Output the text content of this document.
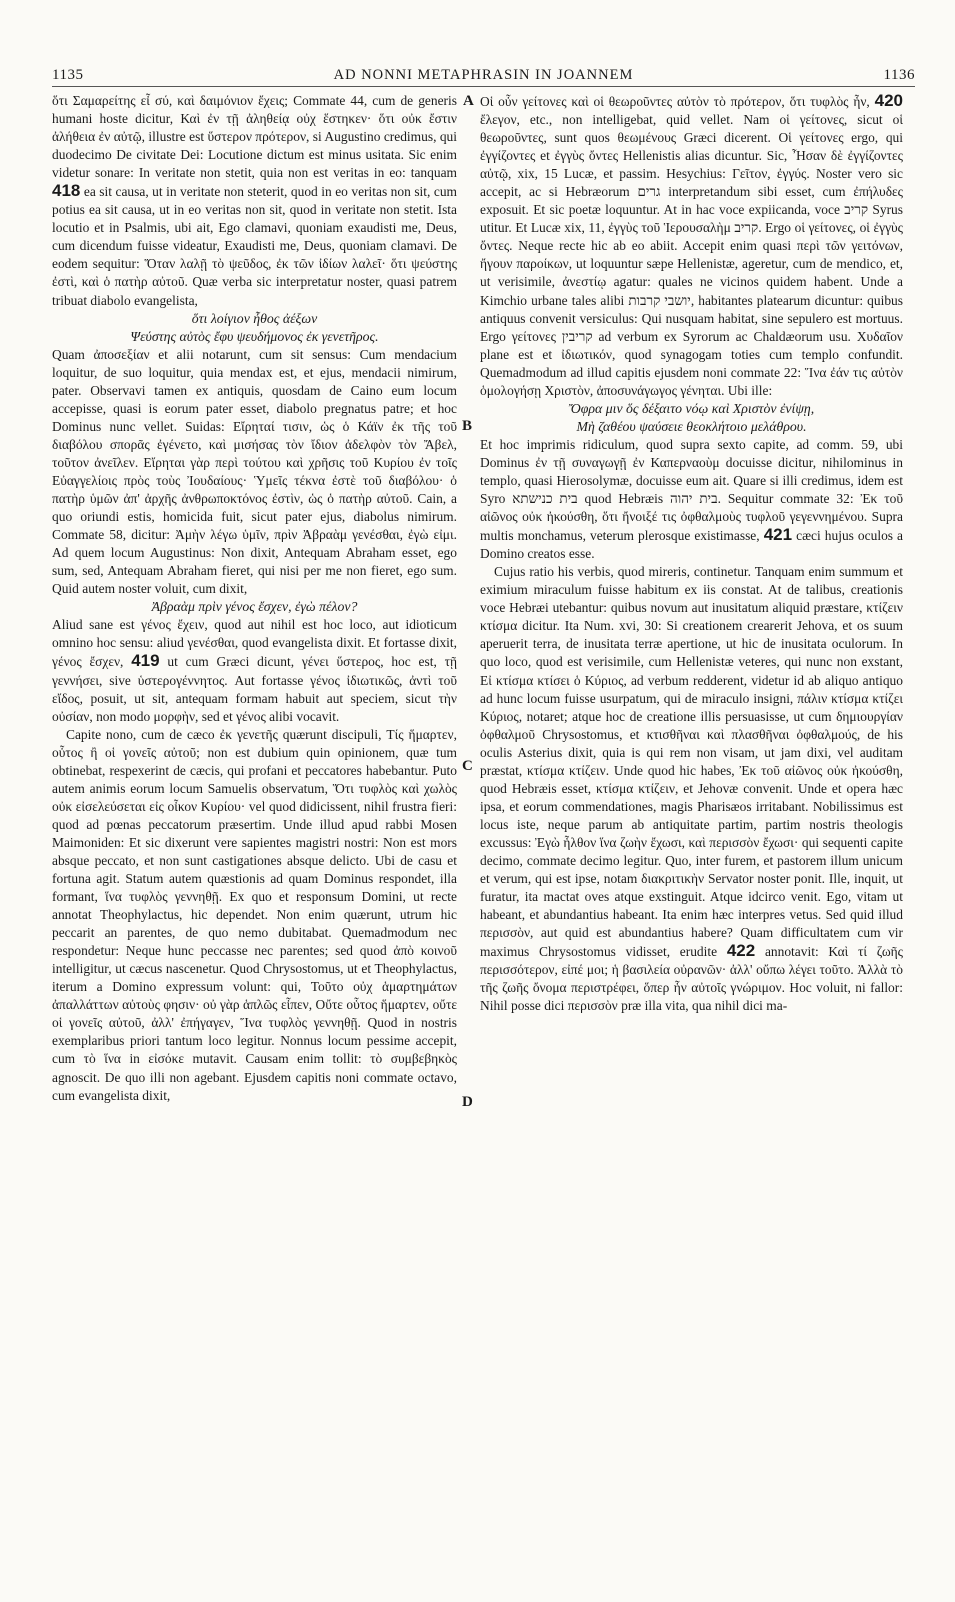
1135	AD NONNI METAPHRASIN IN JOANNEM	1136
A
B
C
D

ὅτι Σαμαρείτης εἶ σύ, καὶ δαιμόνιον ἔχεις; Commate 44, cum de generis humani hoste dicitur, Καὶ ἐν τῇ ἀληθείᾳ οὐχ ἕστηκεν· ὅτι οὐκ ἔστιν ἀλήθεια ἐν αὐτῷ, illustre est ὕστερον πρότερον, si Augustino credimus, qui duodecimo De civitate Dei: Locutione dictum est minus usitata. Sic enim videtur sonare: In veritate non stetit, quia non est veritas in eo: tanquam 418 ea sit causa, ut in veritate non steterit, quod in eo veritas non sit, cum potius ea sit causa, ut in eo veritas non sit, quod in veritate non stetit. Ista locutio et in Psalmis, ubi ait, Ego clamavi, quoniam exaudisti me, Deus, cum dicendum fuisse videatur, Exaudisti me, Deus, quoniam clamavi. De eodem sequitur: Ὅταν λαλῇ τὸ ψεῦδος, ἐκ τῶν ἰδίων λαλεῖ· ὅτι ψεύστης ἐστὶ, καὶ ὁ πατὴρ αὐτοῦ. Quæ verba sic interpretatur noster, quasi patrem tribuat diabolo evangelista,

ὅτι λοίγιον ἦθος ἀέξων

Ψεύστης αὐτὸς ἔφυ ψευδήμονος ἐκ γενετῆρος.

Quam ἀποσεξίαν et alii notarunt, cum sit sensus: Cum mendacium loquitur, de suo loquitur, quia mendax est, et ejus, mendacii nimirum, pater. Observavi tamen ex antiquis, quosdam de Caino eum locum accepisse, quasi is eorum pater esset, diabolo pregnatus patre; et hoc Dominus nunc vellet. Suidas: Εἴρηταί τισιν, ὡς ὁ Κάϊν ἐκ τῆς τοῦ διαβόλου σπορᾶς ἐγένετο, καὶ μισήσας τὸν ἴδιον ἀδελφὸν τὸν Ἄβελ, τοῦτον ἀνεῖλεν. Εἴρηται γὰρ περὶ τούτου καὶ χρῆσις τοῦ Κυρίου ἐν τοῖς Εὐαγγελίοις πρὸς τοὺς Ἰουδαίους· Ὑμεῖς τέκνα ἐστὲ τοῦ διαβόλου· ὁ πατὴρ ὑμῶν ἀπ' ἀρχῆς ἀνθρωποκτόνος ἐστὶν, ὡς ὁ πατὴρ αὐτοῦ. Cain, a quo oriundi estis, homicida fuit, sicut pater ejus, diabolus nimirum. Commate 58, dicitur: Ἀμὴν λέγω ὑμῖν, πρὶν Ἀβραὰμ γενέσθαι, ἐγὼ εἰμι. Ad quem locum Augustinus: Non dixit, Antequam Abraham esset, ego sum, sed, Antequam Abraham fieret, qui nisi per me non fieret, ego sum. Quid autem noster voluit, cum dixit,

Ἀβραὰμ πρὶν γένος ἔσχεν, ἐγὼ πέλον?

Aliud sane est γένος ἔχειν, quod aut nihil est hoc loco, aut idioticum omnino hoc sensu: aliud γενέσθαι, quod evangelista dixit. Et fortasse dixit, γένος ἔσχεν, 419 ut cum Græci dicunt, γένει ὕστερος, hoc est, τῇ γεννήσει, sive ὑστερογέννητος. Aut fortasse γένος ἰδιωτικῶς, ἀντὶ τοῦ εἴδος, posuit, ut sit, antequam formam habuit aut speciem, sicut τὴν οὐσίαν, non modo μορφὴν, sed et γένος alibi vocavit.

Capite nono, cum de cæco ἐκ γενετῆς quærunt discipuli, Τίς ἥμαρτεν, οὗτος ἢ οἱ γονεῖς αὐτοῦ; non est dubium quin opinionem, quæ tum obtinebat, respexerint de cæcis, qui profani et peccatores habebantur. Puto autem animis eorum locum Samuelis observatum, Ὅτι τυφλὸς καὶ χωλὸς οὐκ εἰσελεύσεται εἰς οἶκον Κυρίου· vel quod didicissent, nihil frustra fieri: quod ad pœnas peccatorum præsertim. Unde illud apud rabbi Mosen Maimoniden: Et sic dixerunt vere sapientes magistri nostri: Non est mors absque peccato, et non sunt castigationes absque delicto. Ubi de casu et fortuna agit. Statum autem quæstionis ad quam Dominus respondet, illa formant, ἵνα τυφλὸς γεννηθῇ. Ex quo et responsum Domini, ut recte annotat Theophylactus, hic dependet. Non enim quærunt, utrum hic peccarit an parentes, de quo nemo dubitabat. Quemadmodum nec respondetur: Neque hunc peccasse nec parentes; sed quod ἀπὸ κοινοῦ intelligitur, ut cæcus nascenetur. Quod Chrysostomus, ut et Theophylactus, iterum a Domino expressum volunt: qui, Τοῦτο οὐχ ἁμαρτημάτων ἀπαλλάττων αὐτοὺς φησιν· οὐ γὰρ ἁπλῶς εἶπεν, Οὔτε οὗτος ἥμαρτεν, οὔτε οἱ γονεῖς αὐτοῦ, ἀλλ' ἐπήγαγεν, Ἵνα τυφλὸς γεννηθῇ. Quod in nostris exemplaribus priori tantum loco legitur. Nonnus locum pessime accepit, cum τὸ ἵνα in εἰσόκε mutavit. Causam enim tollit: τὸ συμβεβηκὸς agnoscit. De quo illi non agebant. Ejusdem capitis noni commate octavo, cum evangelista dixit,

Οἱ οὖν γείτονες καὶ οἱ θεωροῦντες αὐτὸν τὸ πρότερον, ὅτι τυφλὸς ἦν, 420 ἔλεγον, etc., non intelligebat, quid vellet. Nam οἱ γείτονες, sicut οἱ θεωροῦντες, sunt quos θεωμένους Græci dicerent. Οἱ γείτονες ergo, qui ἐγγίζοντες et ἐγγὺς ὄντες Hellenistis alias dicuntur. Sic, Ἦσαν δὲ ἐγγίζοντες αὐτῷ, xix, 15 Lucæ, et passim. Hesychius: Γεῖτον, ἐγγύς. Noster vero sic accepit, ac si Hebræorum גרים interpretandum sibi esset, cum ἐπήλυδες exposuit. Et sic poetæ loquuntur. At in hac voce expiicanda, voce קריב Syrus utitur. Et Lucæ xix, 11, ἐγγὺς τοῦ Ἱερουσαλὴμ קריב. Ergo οἱ γείτονες, οἱ ἐγγὺς ὄντες. Neque recte hic ab eo abiit. Accepit enim quasi περὶ τῶν γειτόνων, ἤγουν παροίκων, ut loquuntur sæpe Hellenistæ, ageretur, cum de mendico, et, ut verisimile, ἀνεστίῳ agatur: quales ne vicinos quidem habent. Unde a Kimchio urbane tales alibi יושבי קרבות, habitantes platearum dicuntur: quibus antiquus convenit versiculus: Qui nusquam habitat, sine sepulero est mortuus. Ergo γείτονες קריבין ad verbum ex Syrorum ac Chaldæorum usu. Χυδαῖον plane est et ἰδιωτικόν, quod synagogam toties cum templo confundit. Quemadmodum ad illud capitis ejusdem noni commate 22: Ἵνα ἐάν τις αὐτὸν ὁμολογήσῃ Χριστὸν, ἀποσυνάγωγος γένηται. Ubi ille:

Ὄφρα μιν ὅς δέξαιτο νόῳ καὶ Χριστὸν ἐνίψῃ,

Μὴ ζαθέου ψαύσειε θεοκλήτοιο μελάθρου.

Et hoc imprimis ridiculum, quod supra sexto capite, ad comm. 59, ubi Dominus ἐν τῇ συναγωγῇ ἐν Καπερναοὺμ docuisse dicitur, nihilominus in templo, quasi Hierosolymæ, docuisse eum ait. Quare si illi credimus, idem est Syro בית כנישתא quod Hebræis בית יהוה. Sequitur commate 32: Ἐκ τοῦ αἰῶνος οὐκ ἠκούσθη, ὅτι ἤνοιξέ τις ὀφθαλμοὺς τυφλοῦ γεγεννημένου. Supra multis monchamus, veterum plerosque existimasse, 421 cæci hujus oculos a Domino creatos esse.

Cujus ratio his verbis, quod mireris, continetur. Tanquam enim summum et eximium miraculum fuisse habitum ex iis constat. At de talibus, creationis voce Hebræi utebantur: quibus novum aut inusitatum aliquid præstare, κτίζειν κτίσμα dicitur. Ita Num. xvi, 30: Si creationem crearerit Jehova, et os suum aperuerit terra, de inusitata terræ apertione, ut hic de inusitata oculorum. In quo loco, quod est verisimile, cum Hellenistæ veteres, qui nunc non exstant, Εἰ κτίσμα κτίσει ὁ Κύριος, ad verbum redderent, videtur id ab aliquo antiquo ad hunc locum fuisse usurpatum, qui de miraculo insigni, πάλιν κτίσμα κτίζει Κύριος, notaret; atque hoc de creatione illis persuasisse, ut cum δημιουργίαν ὀφθαλμοῦ Chrysostomus, et κτισθῆναι καὶ πλασθῆναι ὀφθαλμούς, de his oculis Asterius dixit, quia is qui rem non visam, ut jam dixi, vel auditam præstat, κτίσμα κτίζειν. Unde quod hic habes, Ἐκ τοῦ αἰῶνος οὐκ ἠκούσθη, quod Hebræis esset, κτίσμα κτίζειν, et Jehovæ convenit. Unde et opera hæc ipsa, et eorum commendationes, magis Pharisæos irritabant. Nobilissimus est locus iste, neque parum ab antiquitate partim, partim nostris theologis excussus: Ἐγὼ ἦλθον ἵνα ζωὴν ἔχωσι, καὶ περισσὸν ἔχωσι· qui sequenti capite decimo, commate decimo legitur. Quo, inter furem, et pastorem illum unicum et verum, qui est ipse, notam διακριτικὴν Servator noster ponit. Ille, inquit, ut furatur, ita mactat oves atque exstinguit. Atque idcirco venit. Ego, vitam ut habeant, et abundantius habeant. Ita enim hæc interpres vetus. Sed quid illud περισσὸν, aut quid est abundantius habere? Quam difficultatem cum vir maximus Chrysostomus vidisset, erudite 422 annotavit: Καὶ τί ζωῆς περισσότερον, εἰπέ μοι; ἡ βασιλεία οὐρανῶν· ἀλλ' οὔπω λέγει τοῦτο. Ἀλλὰ τὸ τῆς ζωῆς ὄνομα περιστρέφει, ὅπερ ἦν αὐτοῖς γνώριμον. Hoc voluit, ni fallor: Nihil posse dici περισσὸν præ illa vita, qua nihil dici ma-
